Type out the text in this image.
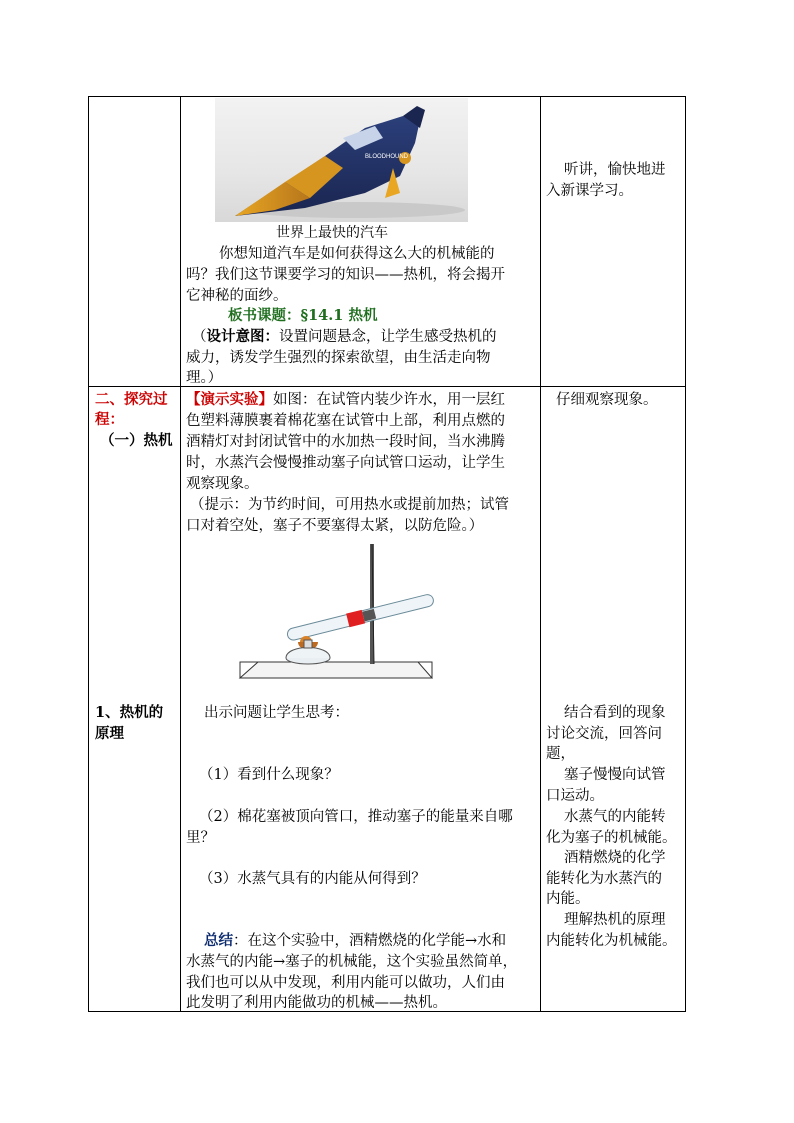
BLOODHOUND
世界上最快的汽车
你想知道汽车是如何获得这么大的机械能的
吗？我们这节课要学习的知识——热机，将会揭开
它神秘的面纱。
板书课题：§14.1 热机
（设计意图：设置问题悬念，让学生感受热机的
威力，诱发学生强烈的探索欲望，由生活走向物
理。）
听讲，愉快地进
入新课学习。
二、探究过
程：
（一）热机
1、热机的
原理
【演示实验】如图：在试管内装少许水，用一层红
色塑料薄膜裹着棉花塞在试管中上部，利用点燃的
酒精灯对封闭试管中的水加热一段时间，当水沸腾
时，水蒸汽会慢慢推动塞子向试管口运动，让学生
观察现象。
（提示：为节约时间，可用热水或提前加热；试管
口对着空处，塞子不要塞得太紧，以防危险。）
出示问题让学生思考：
（1）看到什么现象？
（2）棉花塞被顶向管口，推动塞子的能量来自哪
里？
（3）水蒸气具有的内能从何得到？
总结：在这个实验中，酒精燃烧的化学能→水和
水蒸气的内能→塞子的机械能，这个实验虽然简单，
我们也可以从中发现，利用内能可以做功，人们由
此发明了利用内能做功的机械——热机。
仔细观察现象。
结合看到的现象
讨论交流，回答问
题，
塞子慢慢向试管
口运动。
水蒸气的内能转
化为塞子的机械能。
酒精燃烧的化学
能转化为水蒸汽的
内能。
理解热机的原理
内能转化为机械能。
